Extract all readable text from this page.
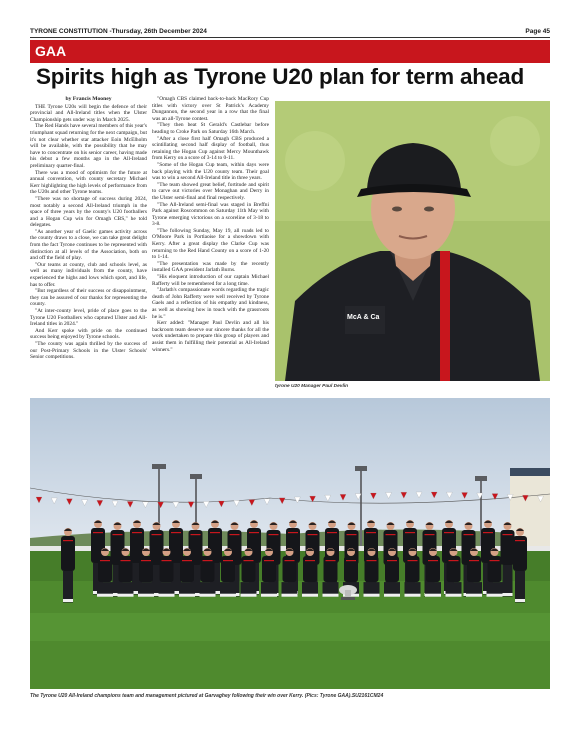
TYRONE CONSTITUTION -Thursday, 26th December 2024	Page 45
GAA
Spirits high as Tyrone U20 plan for term ahead

by Francis Mooney

THE Tyrone U20s will begin the defence of their provincial and All-Ireland titles when the Ulster Championship gets under way in March 2025.

The Red Hands have several members of this year's triumphant squad returning for the next campaign, but it's not clear whether star attacker Eoin McElholm will be available, with the possibility that he may have to concentrate on his senior career, having made his debut a few months ago in the All-Ireland preliminary quarter-final.

There was a mood of optimism for the future at annual convention, with county secretary Michael Kerr highlighting the high levels of performance from the U20s and other Tyrone teams.

"There was no shortage of success during 2024, most notably a second All-Ireland triumph in the space of three years by the county's U20 footballers and a Hogan Cup win for Omagh CBS," he told delegates.

"As another year of Gaelic games activity across the county draws to a close, we can take great delight from the fact Tyrone continues to be represented with distinction at all levels of the Association, both on and off the field of play.

"Our teams at county, club and schools level, as well as many individuals from the county, have experienced the highs and lows which sport, and life, has to offer.

"But regardless of their success or disappointment, they can be assured of our thanks for representing the county.

"At inter-county level, pride of place goes to the Tyrone U20 Footballers who captured Ulster and All-Ireland titles in 2024."

And Kerr spoke with pride on the continued success being enjoyed by Tyrone schools.

"The county was again thrilled by the success of our Post-Primary Schools in the Ulster Schools' Senior competitions.

"Omagh CBS claimed back-to-back MacRory Cup titles with victory over St Patrick's Academy Dungannon, the second year in a row that the final was an all-Tyrone contest.

"They then beat St Gerald's Castlebar before heading to Croke Park on Saturday 16th March.

"After a close first half Omagh CBS produced a scintillating second half display of football, thus retaining the Hogan Cup against Mercy Mounthawk from Kerry on a score of 3-14 to 0-11.

"Some of the Hogan Cup team, within days were back playing with the U20 county team. Their goal was to win a second All-Ireland title in three years.

"The team showed great belief, fortitude and spirit to carve out victories over Monaghan and Derry in the Ulster semi-final and final respectively.

"The All-Ireland semi-final was staged in Breffni Park against Roscommon on Saturday 11th May with Tyrone emerging victorious on a scoreline of 3-18 to 3-8.

"The following Sunday, May 19, all roads led to O'Moore Park in Portlaoise for a showdown with Kerry. After a great display the Clarke Cup was returning to the Red Hand County on a score of 1-20 to 1-14.

"The presentation was made by the recently installed GAA president Jarlath Burns.

"His eloquent introduction of our captain Michael Rafferty will be remembered for a long time.

"Jarlath's compassionate words regarding the tragic death of John Rafferty were well received by Tyrone Gaels and a reflection of his empathy and kindness, as well as showing how in touch with the grassroots he is."

Kerr added: "Manager Paul Devlin and all his backroom team deserve our sincere thanks for all the work undertaken to prepare this group of players and assist them in fulfilling their potential as All-Ireland winners."

McA & Ca
tyrone U20 Manager Paul Devlin
The Tyrone U20 All-Ireland champions team and management pictured at Garvaghey following their win over Kerry. (Pics: Tyrone GAA).SU2161CM24
